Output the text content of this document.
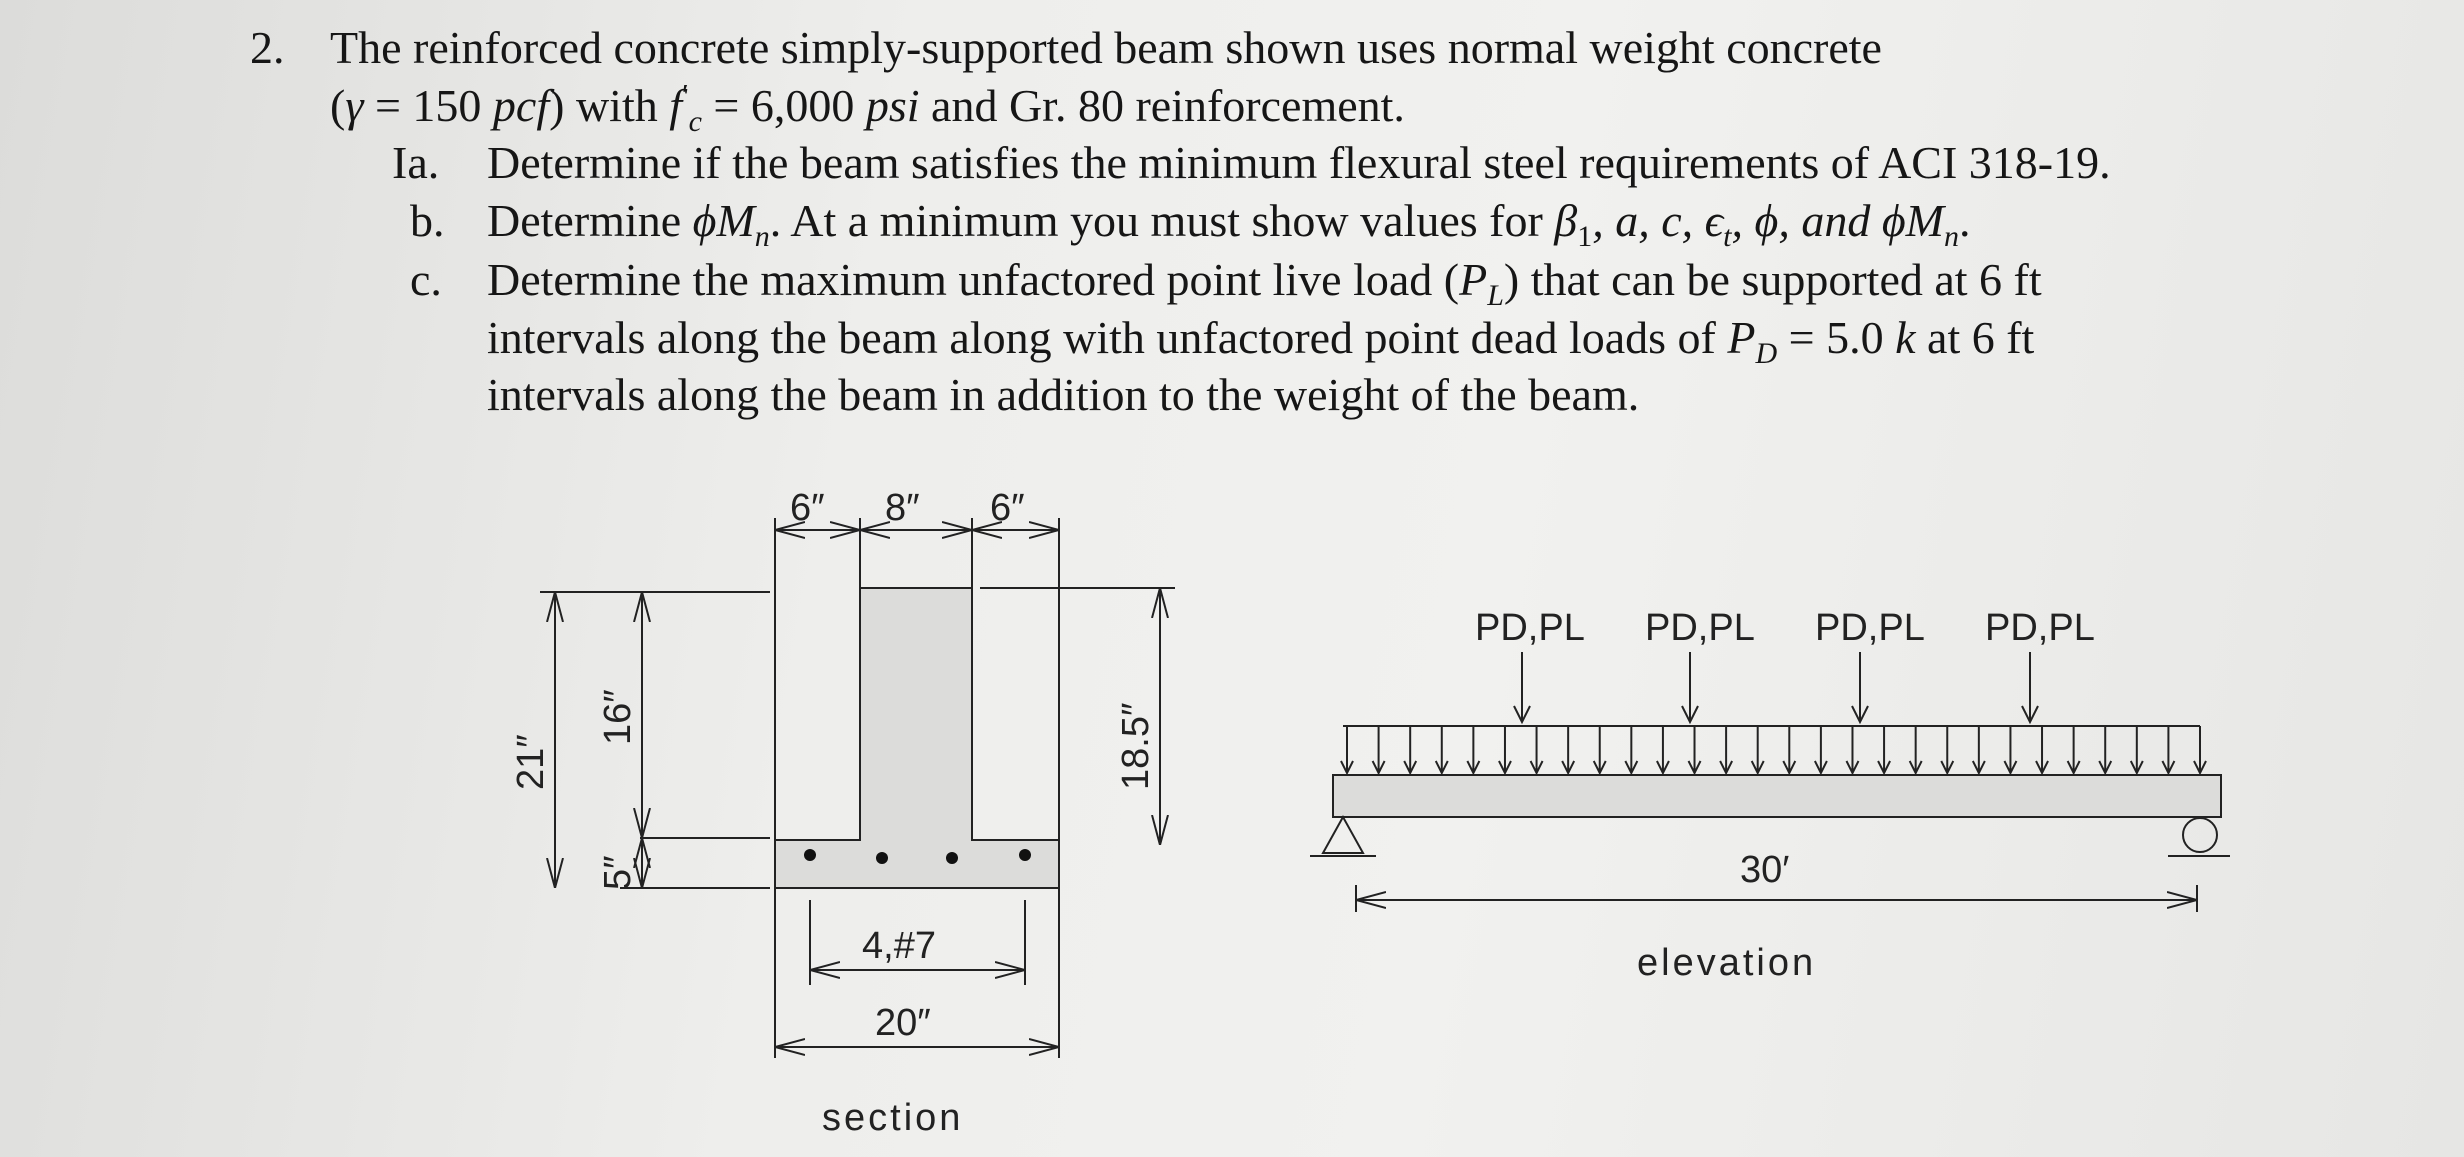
2. The reinforced concrete simply-supported beam shown uses normal weight concrete
(γ = 150 pcf) with $f'_c = 6,000$ psi and Gr. 80 reinforcement.
Ia. Determine if the beam satisfies the minimum flexural steel requirements of ACI 318-19.
b. Determine $\phi M_n$. At a minimum you must show values for $\beta_1$, a, c, $\epsilon_t$, ϕ, and $\phi M_n$.
c. Determine the maximum unfactored point live load $(P_L)$ that can be supported at 6 ft
intervals along the beam along with unfactored point dead loads of $P_D = 5.0$ k at 6 ft
intervals along the beam in addition to the weight of the beam.
6″ 8″ 6″
21″
16″
5″
18.5″
4,#7
20″
section
PD,PL PD,PL PD,PL PD,PL
30′
elevation
